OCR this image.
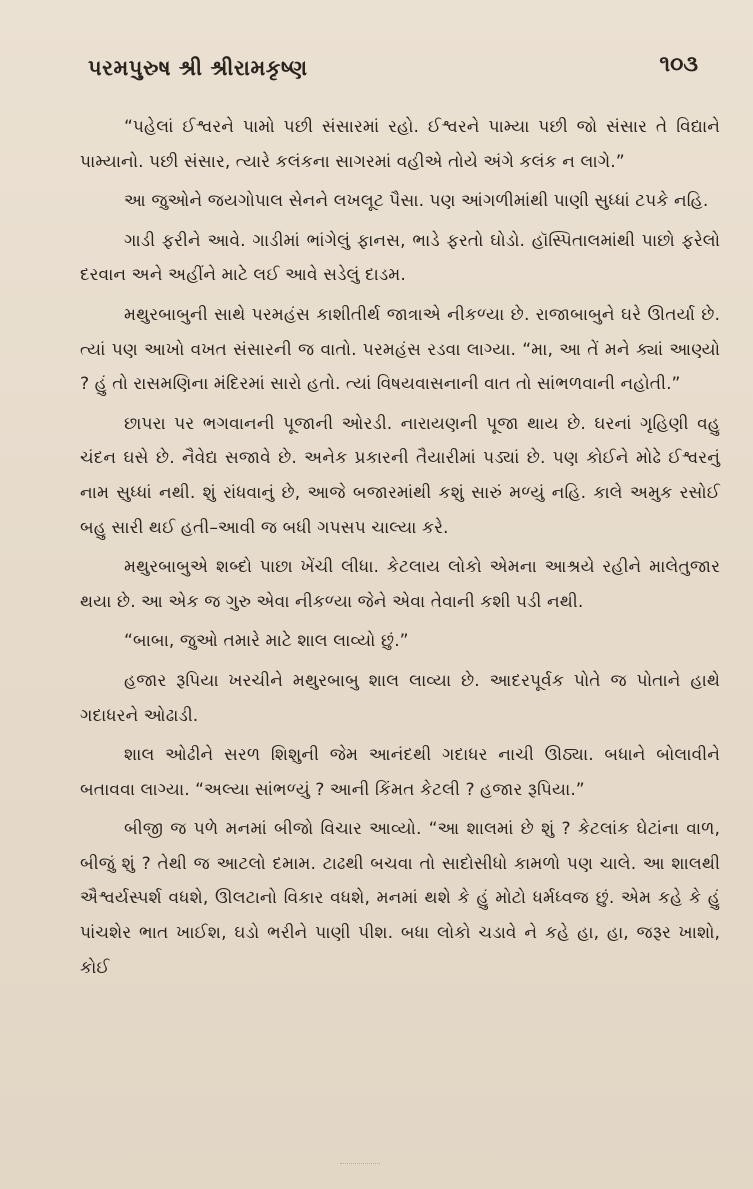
પરમપુરુષ શ્રી શ્રીરામકૃષ્ણ	૧૦૩

“પહેલાં ઈશ્વરને પામો પછી સંસારમાં રહો. ઈશ્વરને પામ્યા પછી જો સંસાર તે વિદ્યાને પામ્યાનો. પછી સંસાર, ત્યારે કલંકના સાગરમાં વહીએ તોયે અંગે કલંક ન લાગે.”

આ જુઓને જયગોપાલ સેનને લખલૂટ પૈસા. પણ આંગળીમાંથી પાણી સુધ્ધાં ટપકે નહિ.

ગાડી ફરીને આવે. ગાડીમાં ભાંગેલું ફાનસ, ભાડે ફરતો ઘોડો. હૉસ્પિતાલમાંથી પાછો ફરેલો દરવાન અને અહીંને માટે લઈ આવે સડેલું દાડમ.

મથુરબાબુની સાથે પરમહંસ કાશીતીર્થ જાત્રાએ નીકળ્યા છે. રાજાબાબુને ઘરે ઊતર્યા છે. ત્યાં પણ આખો વખત સંસારની જ વાતો. પરમહંસ રડવા લાગ્યા. “મા, આ તેં મને ક્યાં આણ્યો ? હું તો રાસમણિના મંદિરમાં સારો હતો. ત્યાં વિષયવાસનાની વાત તો સાંભળવાની નહોતી.”

છાપરા પર ભગવાનની પૂજાની ઓરડી. નારાયણની પૂજા થાય છે. ઘરનાં ગૃહિણી વહુ ચંદન ઘસે છે. નૈવેદ્ય સજાવે છે. અનેક પ્રકારની તૈયારીમાં પડ્યાં છે. પણ કોઈને મોઢે ઈશ્વરનું નામ સુધ્ધાં નથી. શું રાંધવાનું છે, આજે બજારમાંથી કશું સારું મળ્યું નહિ. કાલે અમુક રસોઈ બહુ સારી થઈ હતી–આવી જ બધી ગપસપ ચાલ્યા કરે.

મથુરબાબુએ શબ્દો પાછા ખેંચી લીધા. કેટલાય લોકો એમના આશ્રયે રહીને માલેતુજાર થયા છે. આ એક જ ગુરુ એવા નીકળ્યા જેને એવા તેવાની કશી પડી નથી.

“બાબા, જુઓ તમારે માટે શાલ લાવ્યો છું.”

હજાર રૂપિયા ખરચીને મથુરબાબુ શાલ લાવ્યા છે. આદરપૂર્વક પોતે જ પોતાને હાથે ગદાધરને ઓઢાડી.

શાલ ઓઢીને સરળ શિશુની જેમ આનંદથી ગદાધર નાચી ઊઠ્યા. બધાને બોલાવીને બતાવવા લાગ્યા. “અલ્યા સાંભળ્યું ? આની કિંમત કેટલી ? હજાર રૂપિયા.”

બીજી જ પળે મનમાં બીજો વિચાર આવ્યો. “આ શાલમાં છે શું ? કેટલાંક ઘેટાંના વાળ, બીજું શું ? તેથી જ આટલો દમામ. ટાઢથી બચવા તો સાદોસીધો કામળો પણ ચાલે. આ શાલથી ઐશ્વર્યસ્પર્શ વધશે, ઊલટાનો વિકાર વધશે, મનમાં થશે કે હું મોટો ધર્મધ્વજ છું. એમ કહે કે હું પાંચશેર ભાત ખાઈશ, ઘડો ભરીને પાણી પીશ. બધા લોકો ચડાવે ને કહે હા, હા, જરૂર ખાશો, કોઈ
